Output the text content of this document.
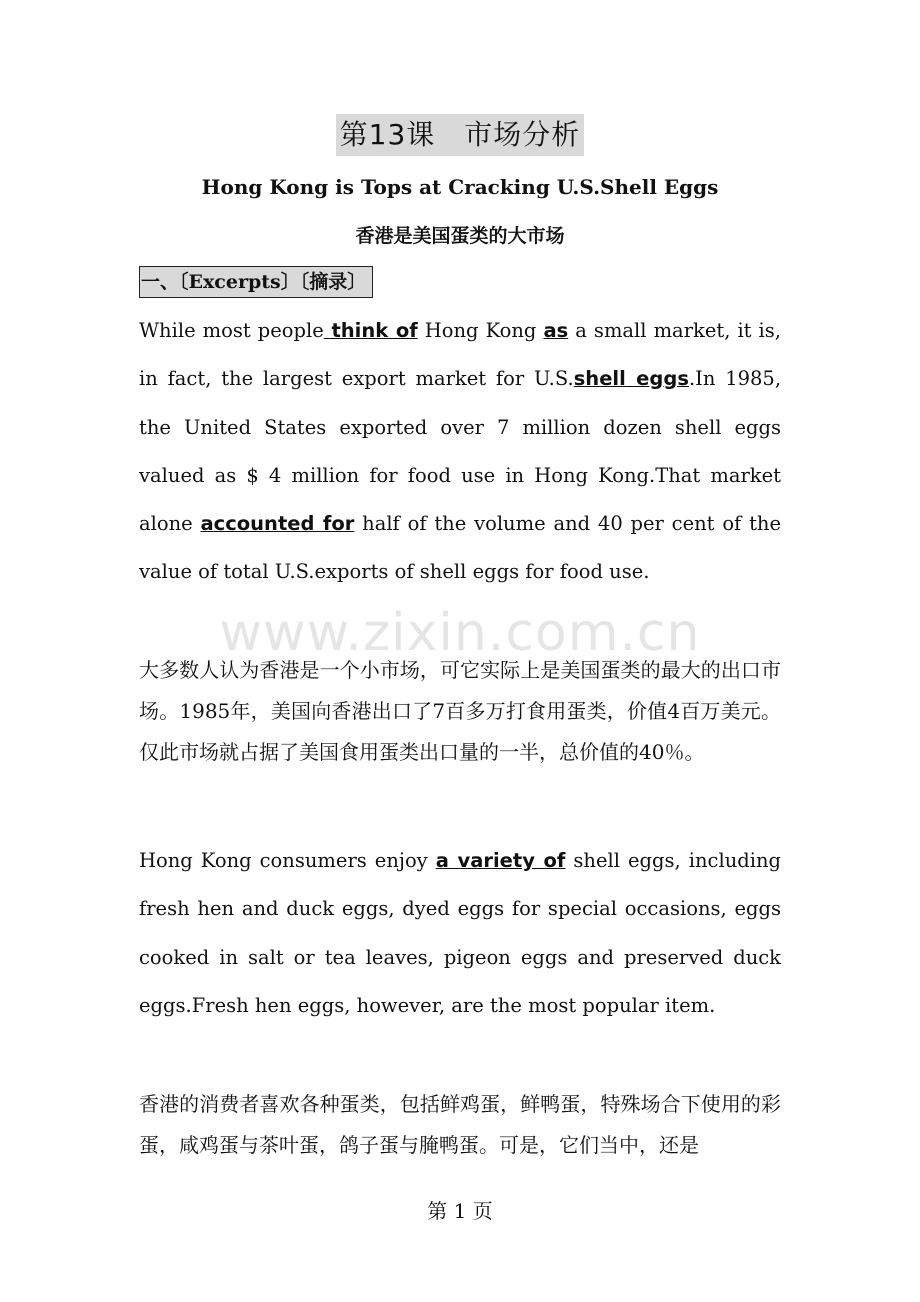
第13课　市场分析
Hong Kong is Tops at Cracking U.S.Shell Eggs
香港是美国蛋类的大市场
一、〔Excerpts〕〔摘录〕
While most people think of Hong Kong as a small market, it is, in fact, the largest export market for U.S.shell eggs.In 1985, the United States exported over 7 million dozen shell eggs valued as $ 4 million for food use in Hong Kong.That market alone accounted for half of the volume and 40 per cent of the value of total U.S.exports of shell eggs for food use.
大多数人认为香港是一个小市场，可它实际上是美国蛋类的最大的出口市场。1985年，美国向香港出口了7百多万打食用蛋类，价值4百万美元。仅此市场就占据了美国食用蛋类出口量的一半，总价值的40％。
Hong Kong consumers enjoy a variety of shell eggs, including fresh hen and duck eggs, dyed eggs for special occasions, eggs cooked in salt or tea leaves, pigeon eggs and preserved duck eggs.Fresh hen eggs, however, are the most popular item.
香港的消费者喜欢各种蛋类，包括鲜鸡蛋，鲜鸭蛋，特殊场合下使用的彩蛋，咸鸡蛋与茶叶蛋，鸽子蛋与腌鸭蛋。可是，它们当中，还是
www.zixin.com.cn
第 1 页
